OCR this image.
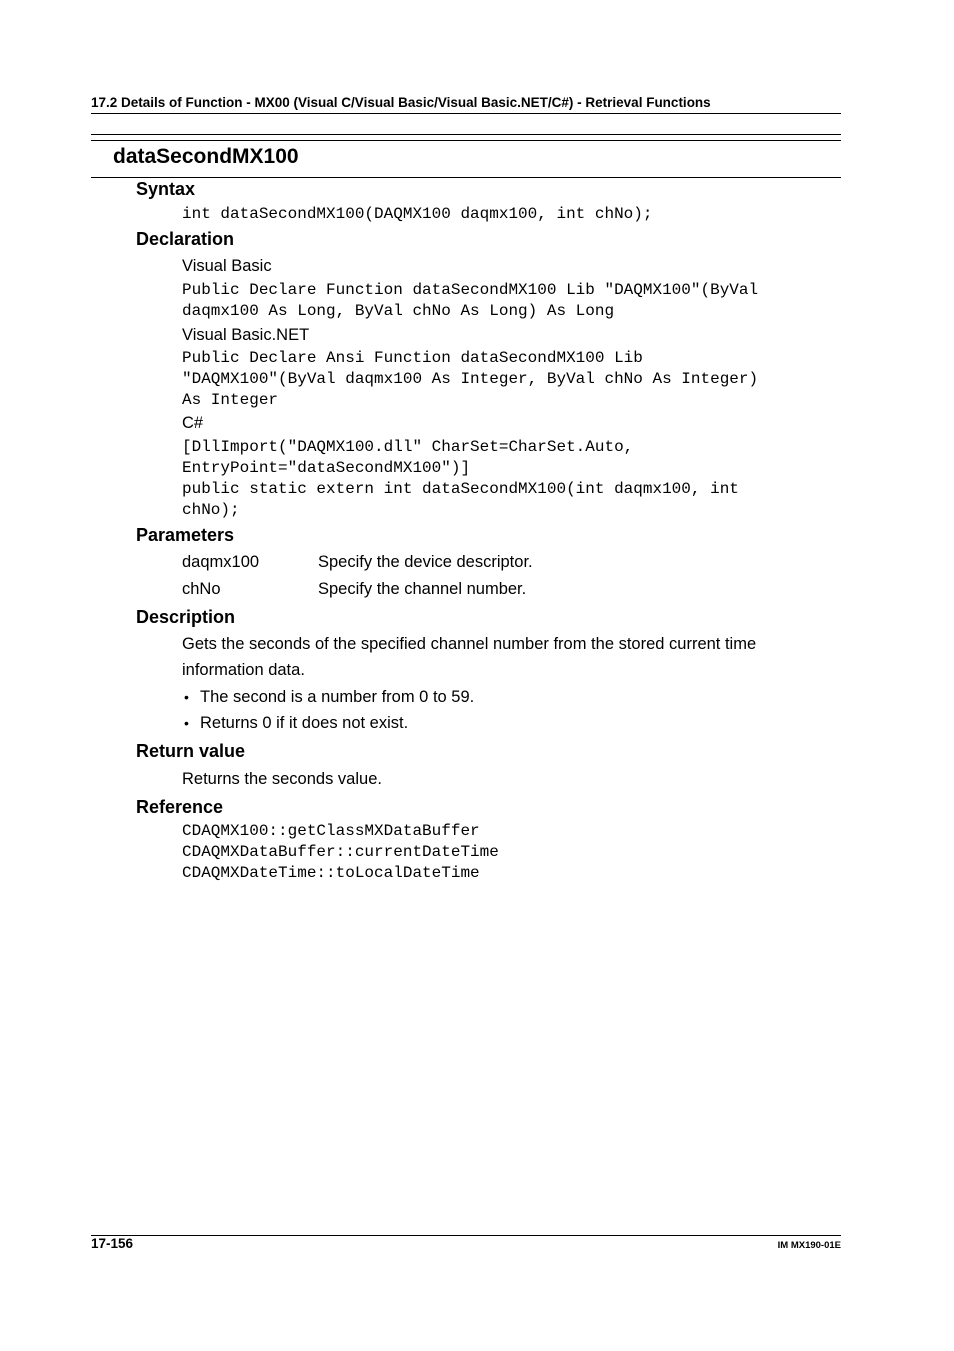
17.2 Details of Function - MX00 (Visual C/Visual Basic/Visual Basic.NET/C#) - Retrieval Functions
dataSecondMX100
Syntax
int dataSecondMX100(DAQMX100 daqmx100, int chNo);
Declaration
Visual Basic
Public Declare Function dataSecondMX100 Lib "DAQMX100"(ByVal
daqmx100 As Long, ByVal chNo As Long) As Long
Visual Basic.NET
Public Declare Ansi Function dataSecondMX100 Lib
"DAQMX100"(ByVal daqmx100 As Integer, ByVal chNo As Integer)
As Integer
C#
[DllImport("DAQMX100.dll" CharSet=CharSet.Auto,
EntryPoint="dataSecondMX100")]
public static extern int dataSecondMX100(int daqmx100, int
chNo);
Parameters
daqmx100	Specify the device descriptor.
chNo	Specify the channel number.
Description
Gets the seconds of the specified channel number from the stored current time
information data.
• The second is a number from 0 to 59.
• Returns 0 if it does not exist.
Return value
Returns the seconds value.
Reference
CDAQMX100::getClassMXDataBuffer
CDAQMXDataBuffer::currentDateTime
CDAQMXDateTime::toLocalDateTime
17-156	IM MX190-01E
